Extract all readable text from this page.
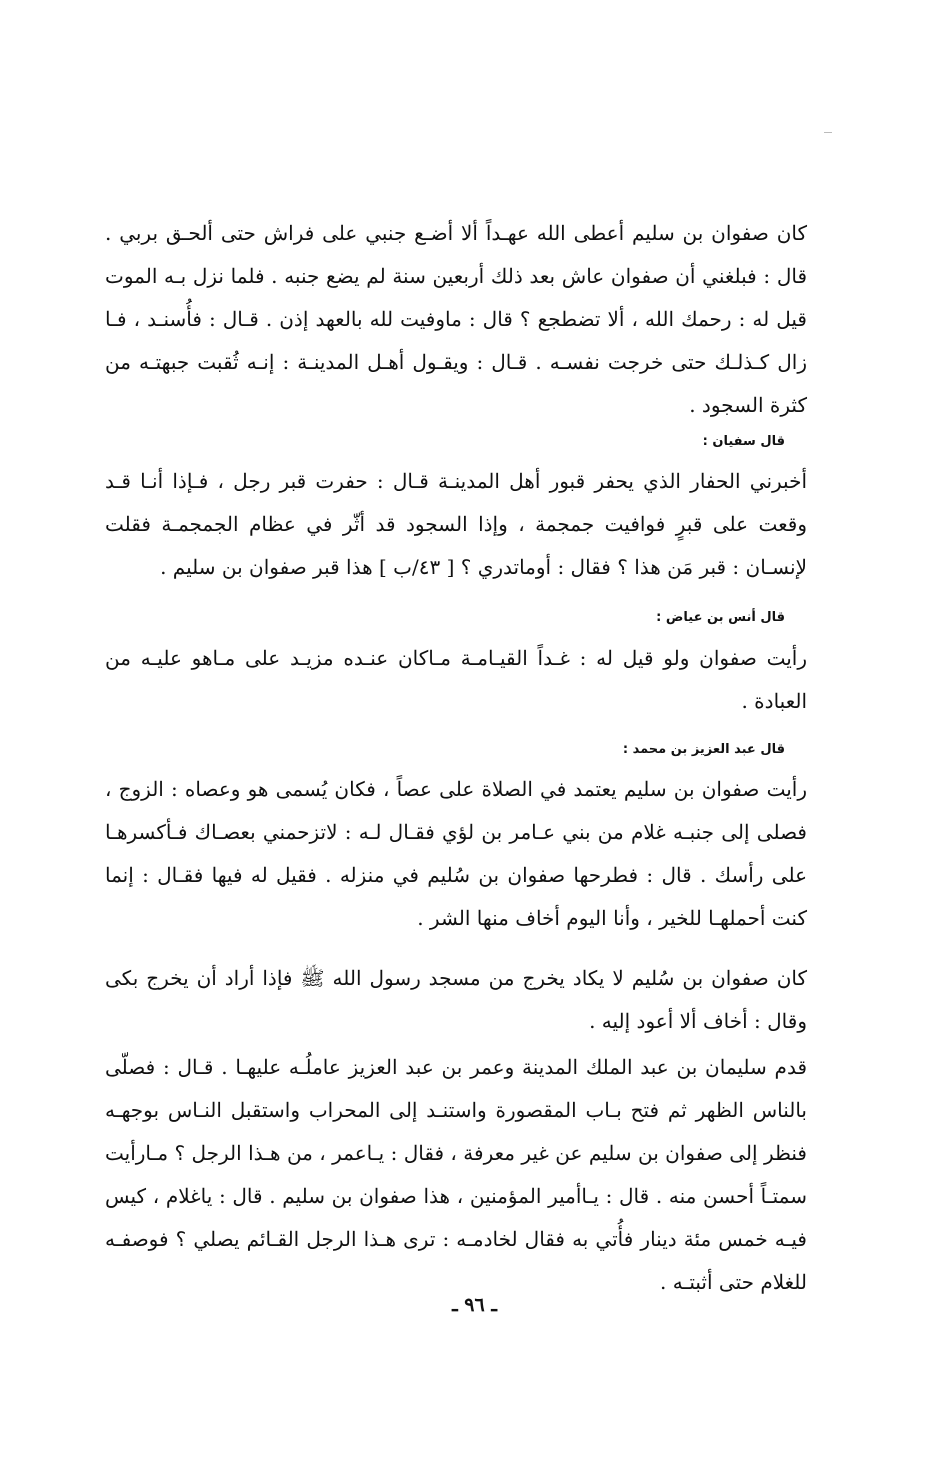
كان صفوان بن سليم أعطى الله عهـداً ألا أضـع جنبي على فراش حتى ألحـق بربي . قال : فبلغني أن صفوان عاش بعد ذلك أربعين سنة لم يضع جنبه . فلما نزل بـه الموت قيل له : رحمك الله ، ألا تضطجع ؟ قال : ماوفيت لله بالعهد إذن . قـال : فأُسنـد ، فـا زال كـذلـك حتى خرجت نفسـه . قـال : ويقـول أهـل المدينـة : إنـه ثُقبت جبهتـه من كثرة السجود .

قال سفيان :

أخبرني الحفار الذي يحفر قبور أهل المدينـة قـال : حفرت قبر رجل ، فـإذا أنـا قـد وقعت على قبرٍ فوافيت جمجمة ، وإذا السجود قد أثّر في عظام الجمجمـة فقلت لإنسـان : قبر مَن هذا ؟ فقال : أوماتدري ؟ [ ٤٣/ب ] هذا قبر صفوان بن سليم .

قال أنس بن عياض :

رأيت صفوان ولو قيل له : غـداً القيـامـة مـاكان عنـده مزيـد على مـاهو عليـه من العبادة .

قال عبد العزيز بن محمد :

رأيت صفوان بن سليم يعتمد في الصلاة على عصاً ، فكان يُسمى هو وعصاه : الزوج ، فصلى إلى جنبـه غلام من بني عـامر بن لؤي فقـال لـه : لاتزحمني بعصـاك فـأكسرهـا على رأسك . قال : فطرحها صفوان بن سُليم في منزله . فقيل له فيها فقـال : إنما كنت أحملهـا للخير ، وأنا اليوم أخاف منها الشر .

كان صفوان بن سُليم لا يكاد يخرج من مسجد رسول الله ﷺ فإذا أراد أن يخرج بكى وقال : أخاف ألا أعود إليه .

قدم سليمان بن عبد الملك المدينة وعمر بن عبد العزيز عاملُـه عليهـا . قـال : فصلّى بالناس الظهر ثم فتح بـاب المقصورة واستنـد إلى المحراب واستقبل النـاس بوجهـه فنظر إلى صفوان بن سليم عن غير معرفة ، فقال : يـاعمر ، من هـذا الرجل ؟ مـارأيت سمتـاً أحسن منه . قال : يـاأمير المؤمنين ، هذا صفوان بن سليم . قال : ياغلام ، كيس فيـه خمس مئة دينار فأُتي به فقال لخادمـه : ترى هـذا الرجل القـائم يصلي ؟ فوصفـه للغلام حتى أثبتـه .

ـ ٩٦ ـ
